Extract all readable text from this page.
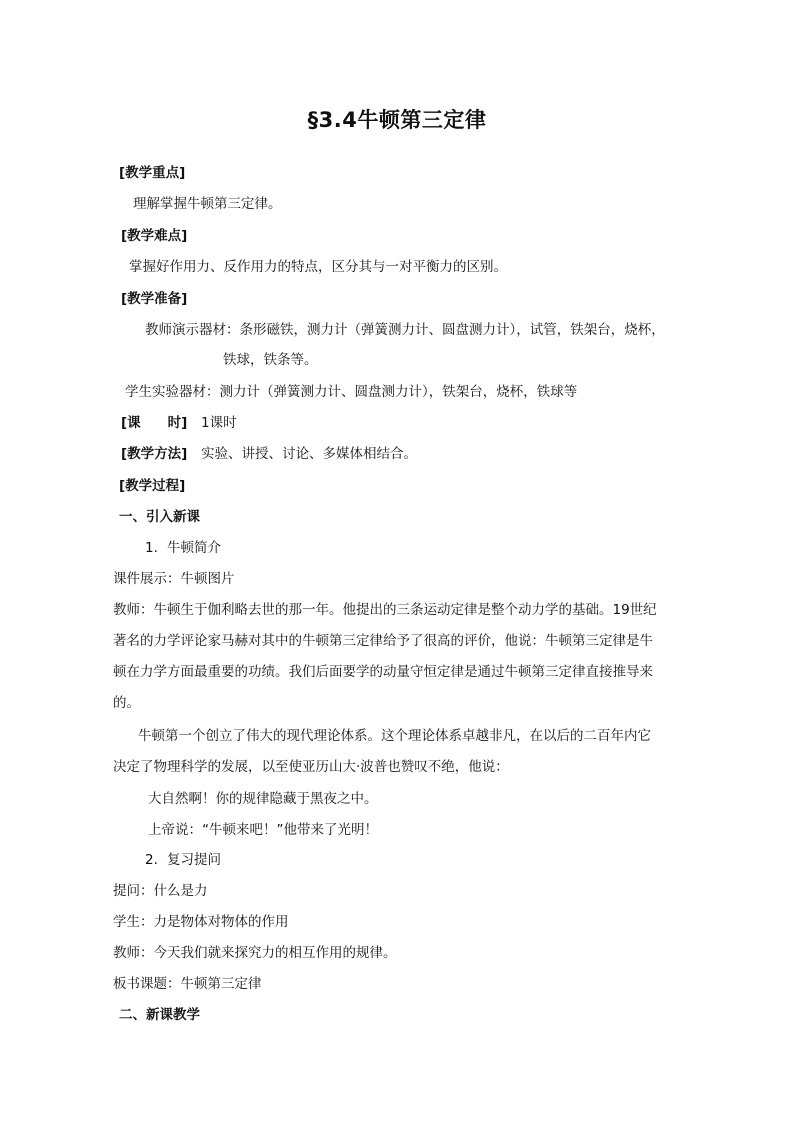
§3.4牛顿第三定律
[教学重点]
理解掌握牛顿第三定律。
[教学难点]
掌握好作用力、反作用力的特点，区分其与一对平衡力的区别。
[教学准备]
教师演示器材：条形磁铁，测力计（弹簧测力计、圆盘测力计），试管，铁架台，烧杯，
铁球，铁条等。
学生实验器材：测力计（弹簧测力计、圆盘测力计），铁架台，烧杯，铁球等
[课　　时] 1课时
[教学方法] 实验、讲授、讨论、多媒体相结合。
[教学过程]
一、引入新课
1. 牛顿简介
课件展示：牛顿图片
教师：牛顿生于伽利略去世的那一年。他提出的三条运动定律是整个动力学的基础。19世纪
著名的力学评论家马赫对其中的牛顿第三定律给予了很高的评价，他说：牛顿第三定律是牛
顿在力学方面最重要的功绩。我们后面要学的动量守恒定律是通过牛顿第三定律直接推导来
的。
牛顿第一个创立了伟大的现代理论体系。这个理论体系卓越非凡，在以后的二百年内它
决定了物理科学的发展，以至使亚历山大·波普也赞叹不绝，他说：
大自然啊！你的规律隐藏于黑夜之中。
上帝说：“牛顿来吧！”他带来了光明！
2. 复习提问
提问：什么是力
学生：力是物体对物体的作用
教师：今天我们就来探究力的相互作用的规律。
板书课题：牛顿第三定律
二、新课教学
